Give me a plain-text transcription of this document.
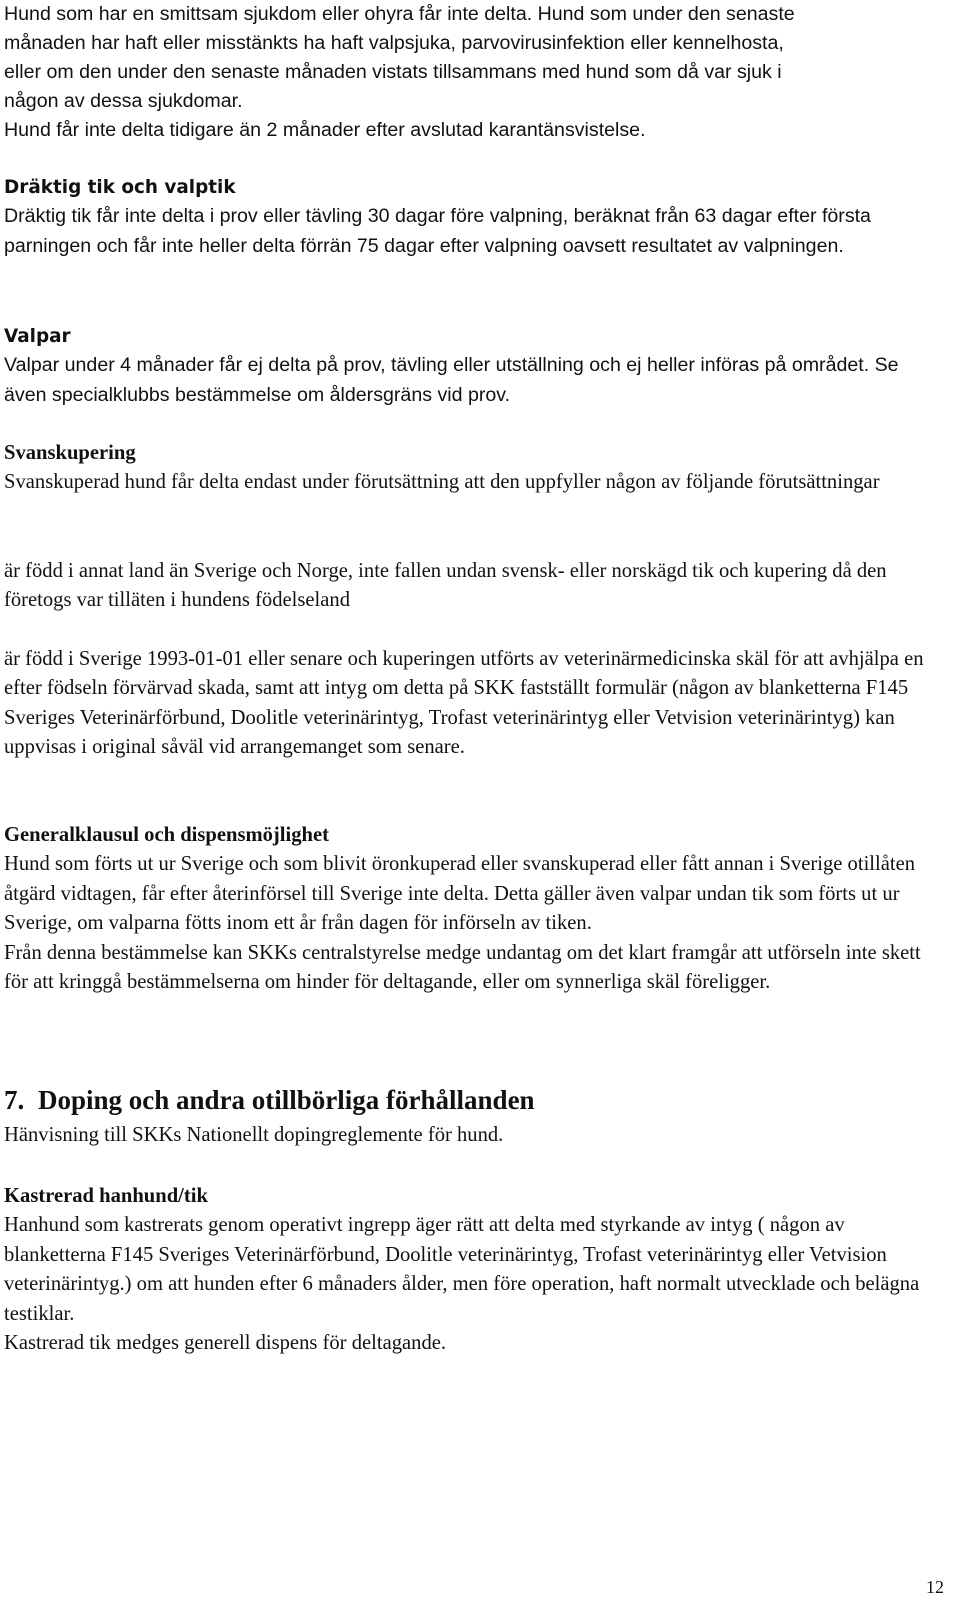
Hund som har en smittsam sjukdom eller ohyra får inte delta. Hund som under den senaste

månaden har haft eller misstänkts ha haft valpsjuka, parvovirusinfektion eller kennelhosta,

eller om den under den senaste månaden vistats tillsammans med hund som då var sjuk i

någon av dessa sjukdomar.

Hund får inte delta tidigare än 2 månader efter avslutad karantänsvistelse.

Dräktig tik och valptik

Dräktig tik får inte delta i prov eller tävling 30 dagar före valpning, beräknat från 63 dagar efter första parningen och får inte heller delta förrän 75 dagar efter valpning oavsett resultatet av valpningen.

Valpar

Valpar under 4 månader får ej delta på prov, tävling eller utställning och ej heller införas på området. Se även specialklubbs bestämmelse om åldersgräns vid prov.

Svanskupering

Svanskuperad hund får delta endast under förutsättning att den uppfyller någon av följande förutsättningar

är född i annat land än Sverige och Norge, inte fallen undan svensk- eller norskägd tik och kupering då den företogs var tilläten i hundens födelseland

är född i Sverige 1993-01-01 eller senare och kuperingen utförts av veterinärmedicinska skäl för att avhjälpa en efter födseln förvärvad skada, samt att intyg om detta på SKK fastställt formulär (någon av blanketterna F145 Sveriges Veterinärförbund, Doolitle veterinärintyg, Trofast veterinärintyg eller Vetvision veterinärintyg) kan uppvisas i original såväl vid arrangemanget som senare.

Generalklausul och dispensmöjlighet

Hund som förts ut ur Sverige och som blivit öronkuperad eller svanskuperad eller fått annan i Sverige otillåten åtgärd vidtagen, får efter återinförsel till Sverige inte delta. Detta gäller även valpar undan tik som förts ut ur Sverige, om valparna fötts inom ett år från dagen för införseln av tiken.

Från denna bestämmelse kan SKKs centralstyrelse medge undantag om det klart framgår att utförseln inte skett för att kringgå bestämmelserna om hinder för deltagande, eller om synnerliga skäl föreligger.

7. Doping och andra otillbörliga förhållanden

Hänvisning till SKKs Nationellt dopingreglemente för hund.

Kastrerad hanhund/tik

Hanhund som kastrerats genom operativt ingrepp äger rätt att delta med styrkande av intyg ( någon av blanketterna F145 Sveriges Veterinärförbund, Doolitle veterinärintyg, Trofast veterinärintyg eller Vetvision veterinärintyg.) om att hunden efter 6 månaders ålder, men före operation, haft normalt utvecklade och belägna testiklar.

Kastrerad tik medges generell dispens för deltagande.

12
